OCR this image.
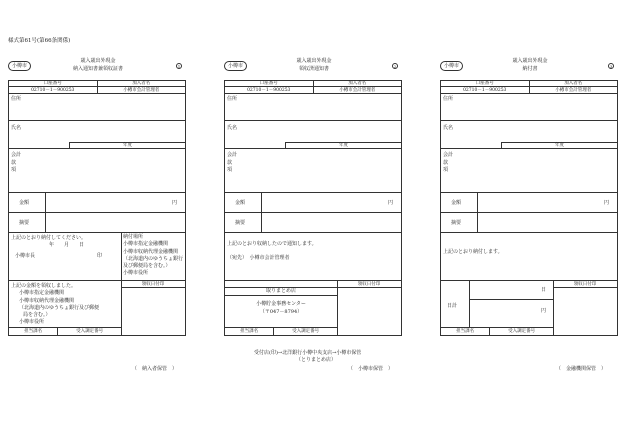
様式第61号(第66条関係)
小樽市
歳入歳出外現金
納入通知書兼領収証書	1
口座番号	加入者名
02710－1－900253	小樽市会計管理者
住所
氏名
年度
会計
款
項
金額	円
摘要
上記のとおり納付してください。
年　　月　　日
小樽市長	印
納付場所
小樽市指定金融機関
小樽市収納代理金融機関
（北海道内のゆうちょ銀行
及び郵便局を含む。）
小樽市役所
上記の金額を領収しました。
小樽市指定金融機関
小樽市収納代理金融機関
（北海道内のゆうちょ銀行及び郵便
局を含む。）
小樽市役所
領収日付印
担当課名	受入調定番号
（　納入者保管　）
小樽市
歳入歳出外現金
領収済通知書	2
口座番号	加入者名
02710－1－900253	小樽市会計管理者
住所
氏名
年度
会計
款
項
金額	円
摘要
上記のとおり収納したので通知します。
（宛先）　小樽市会計管理者
領収日付印
取りまとめ店
小樽貯金事務センター
（〒047－8794）
担当課名	受入調定番号
受付店(印)→北洋銀行小樽中央支店→小樽市保管
（とりまとめ店）
（　小樽市保管　）
小樽市
歳入歳出外現金
納付書	3
口座番号	加入者名
02710－1－900253	小樽市会計管理者
住所
氏名
年度
会計
款
項
金額	円
摘要
上記のとおり納付します。
領収日付印
日計
日
円
担当課名	受入調定番号
（　金融機関保管　）
